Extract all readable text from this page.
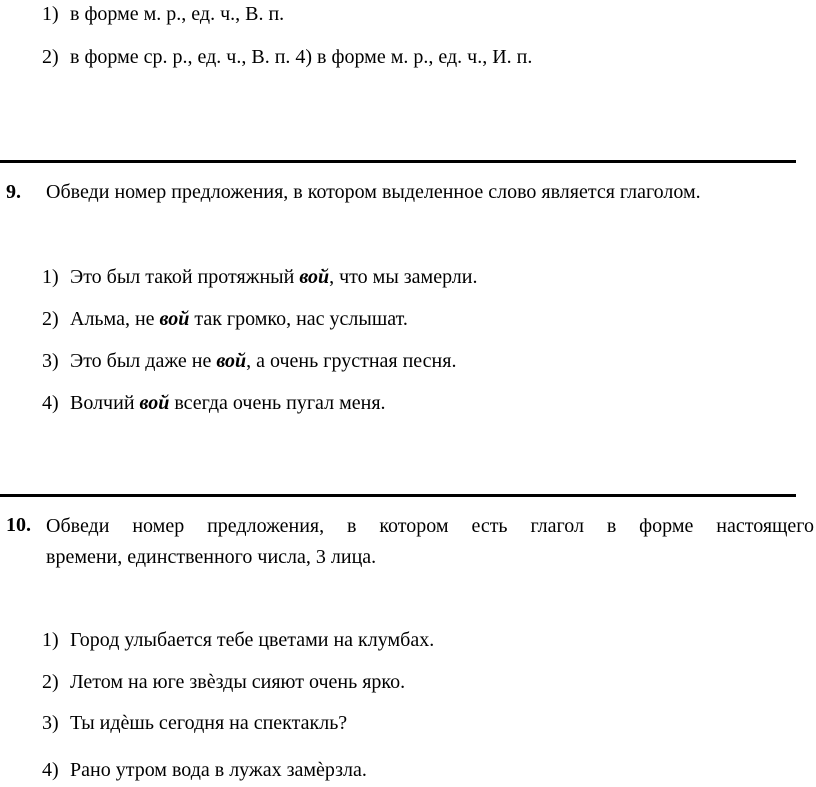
1) в форме м. р., ед. ч., В. п.
2) в форме ср. р., ед. ч., В. п. 4) в форме м. р., ед. ч., И. п.
9. Обведи номер предложения, в котором выделенное слово является глаголом.
1) Это был такой протяжный вой, что мы замерли.
2) Альма, не вой так громко, нас услышат.
3) Это был даже не вой, а очень грустная песня.
4) Волчий вой всегда очень пугал меня.
10. Обведи номер предложения, в котором есть глагол в форме настоящего
времени, единственного числа, 3 лица.
1) Город улыбается тебе цветами на клумбах.
2) Летом на юге звѐзды сияют очень ярко.
3) Ты идѐшь сегодня на спектакль?
4) Рано утром вода в лужах замѐрзла.
